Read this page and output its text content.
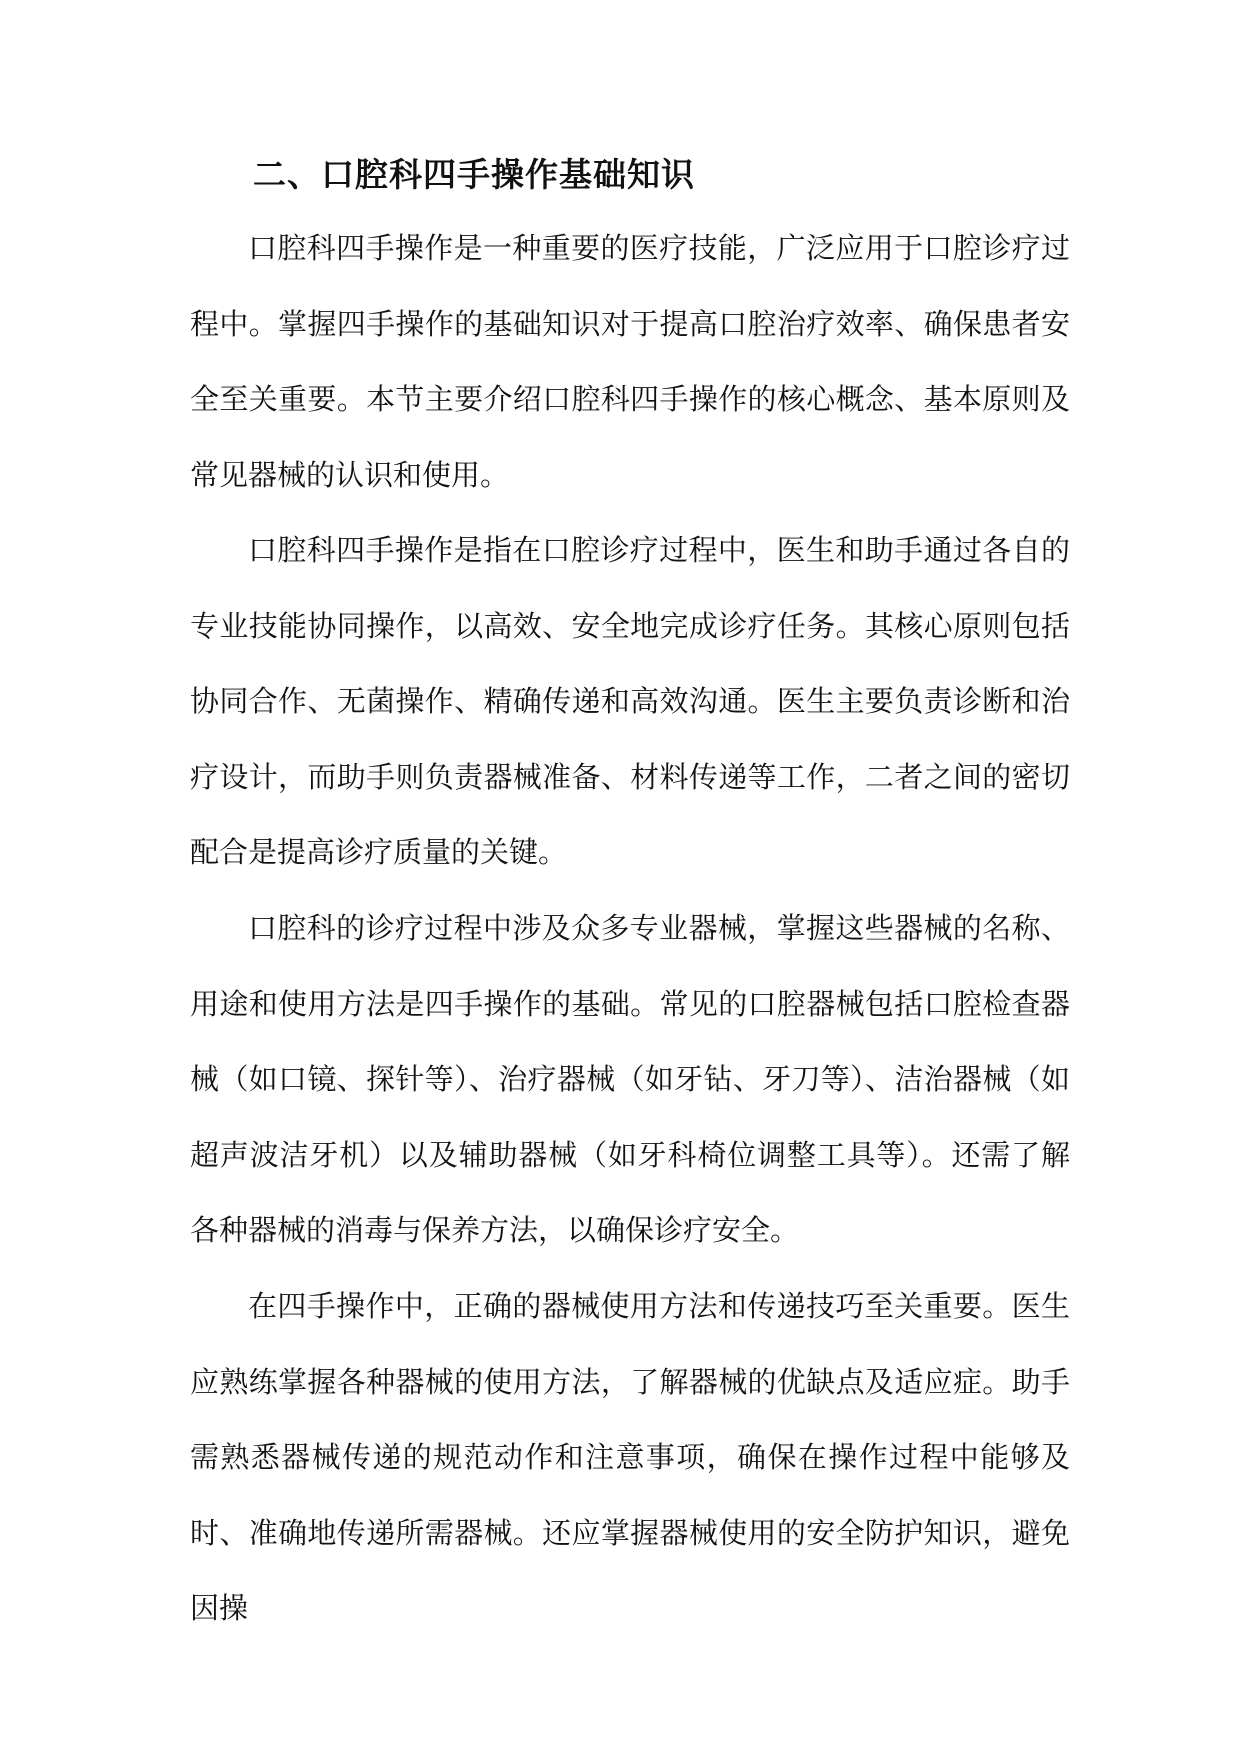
二、口腔科四手操作基础知识

口腔科四手操作是一种重要的医疗技能，广泛应用于口腔诊疗过程中。掌握四手操作的基础知识对于提高口腔治疗效率、确保患者安全至关重要。本节主要介绍口腔科四手操作的核心概念、基本原则及常见器械的认识和使用。

口腔科四手操作是指在口腔诊疗过程中，医生和助手通过各自的专业技能协同操作，以高效、安全地完成诊疗任务。其核心原则包括协同合作、无菌操作、精确传递和高效沟通。医生主要负责诊断和治疗设计，而助手则负责器械准备、材料传递等工作，二者之间的密切配合是提高诊疗质量的关键。

口腔科的诊疗过程中涉及众多专业器械，掌握这些器械的名称、用途和使用方法是四手操作的基础。常见的口腔器械包括口腔检查器械（如口镜、探针等）、治疗器械（如牙钻、牙刀等）、洁治器械（如超声波洁牙机）以及辅助器械（如牙科椅位调整工具等）。还需了解各种器械的消毒与保养方法，以确保诊疗安全。

在四手操作中，正确的器械使用方法和传递技巧至关重要。医生应熟练掌握各种器械的使用方法，了解器械的优缺点及适应症。助手需熟悉器械传递的规范动作和注意事项，确保在操作过程中能够及时、准确地传递所需器械。还应掌握器械使用的安全防护知识，避免因操
